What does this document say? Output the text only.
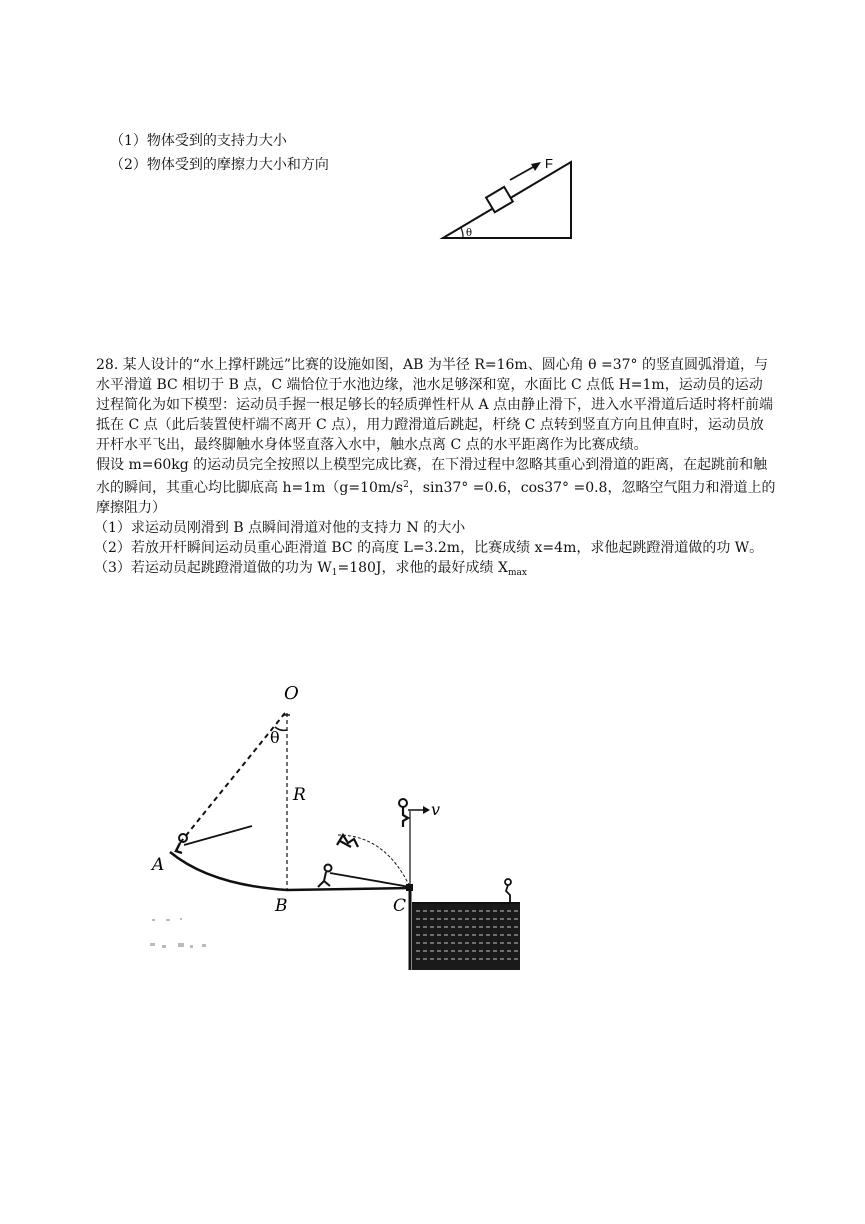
（1）物体受到的支持力大小
（2）物体受到的摩擦力大小和方向	F
θ

28. 某人设计的“水上撑杆跳远”比赛的设施如图，AB 为半径 R=16m、圆心角 θ =37° 的竖直圆弧滑道，与水平滑道 BC 相切于 B 点，C 端恰位于水池边缘，池水足够深和宽，水面比 C 点低 H=1m，运动员的运动过程简化为如下模型：运动员手握一根足够长的轻质弹性杆从 A 点由静止滑下，进入水平滑道后适时将杆前端抵在 C 点（此后装置使杆端不离开 C 点），用力蹬滑道后跳起，杆绕 C 点转到竖直方向且伸直时，运动员放开杆水平飞出，最终脚触水身体竖直落入水中，触水点离 C 点的水平距离作为比赛成绩。

假设 m=60kg 的运动员完全按照以上模型完成比赛，在下滑过程中忽略其重心到滑道的距离，在起跳前和触水的瞬间，其重心均比脚底高 $h=1m(g=10m/s^2$，sin37° =0.6，cos37° =0.8，忽略空气阻力和滑道上的摩擦阻力）

（1）求运动员刚滑到 B 点瞬间滑道对他的支持力 N 的大小

（2）若放开杆瞬间运动员重心距滑道 BC 的高度 L=3.2m，比赛成绩 x=4m，求他起跳蹬滑道做的功 W。

（3）若运动员起跳蹬滑道做的功为 $W_1=180J$，求他的最好成绩 $X_{max}$

O
θ
R
A
B	C
v
